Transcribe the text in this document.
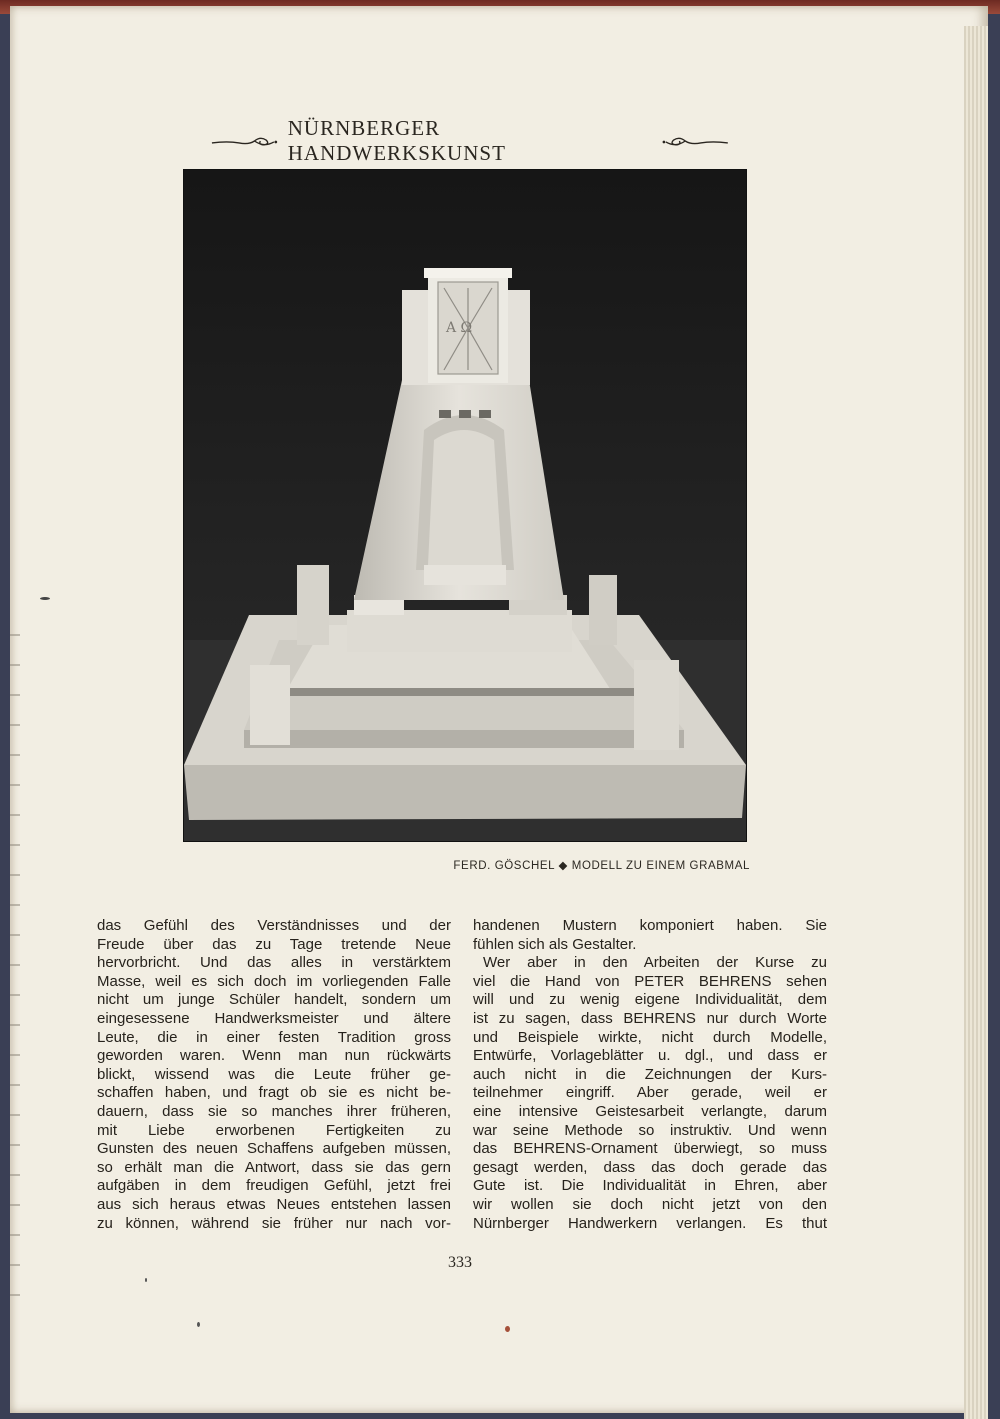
NÜRNBERGER HANDWERKSKUNST
Α Ω
FERD. GÖSCHEL ◆ MODELL ZU EINEM GRABMAL
das Gefühl des Verständnisses und der
Freude über das zu Tage tretende Neue
hervorbricht. Und das alles in verstärktem
Masse, weil es sich doch im vorliegenden Falle
nicht um junge Schüler handelt, sondern um
eingesessene Handwerksmeister und ältere
Leute, die in einer festen Tradition gross
geworden waren. Wenn man nun rückwärts
blickt, wissend was die Leute früher ge-
schaffen haben, und fragt ob sie es nicht be-
dauern, dass sie so manches ihrer früheren,
mit Liebe erworbenen Fertigkeiten zu
Gunsten des neuen Schaffens aufgeben müssen,
so erhält man die Antwort, dass sie das gern
aufgäben in dem freudigen Gefühl, jetzt frei
aus sich heraus etwas Neues entstehen lassen
zu können, während sie früher nur nach vor-
handenen Mustern komponiert haben. Sie
fühlen sich als Gestalter.
Wer aber in den Arbeiten der Kurse zu
viel die Hand von PETER BEHRENS sehen
will und zu wenig eigene Individualität, dem
ist zu sagen, dass BEHRENS nur durch Worte
und Beispiele wirkte, nicht durch Modelle,
Entwürfe, Vorlageblätter u. dgl., und dass er
auch nicht in die Zeichnungen der Kurs-
teilnehmer eingriff. Aber gerade, weil er
eine intensive Geistesarbeit verlangte, darum
war seine Methode so instruktiv. Und wenn
das BEHRENS-Ornament überwiegt, so muss
gesagt werden, dass das doch gerade das
Gute ist. Die Individualität in Ehren, aber
wir wollen sie doch nicht jetzt von den
Nürnberger Handwerkern verlangen. Es thut
333
